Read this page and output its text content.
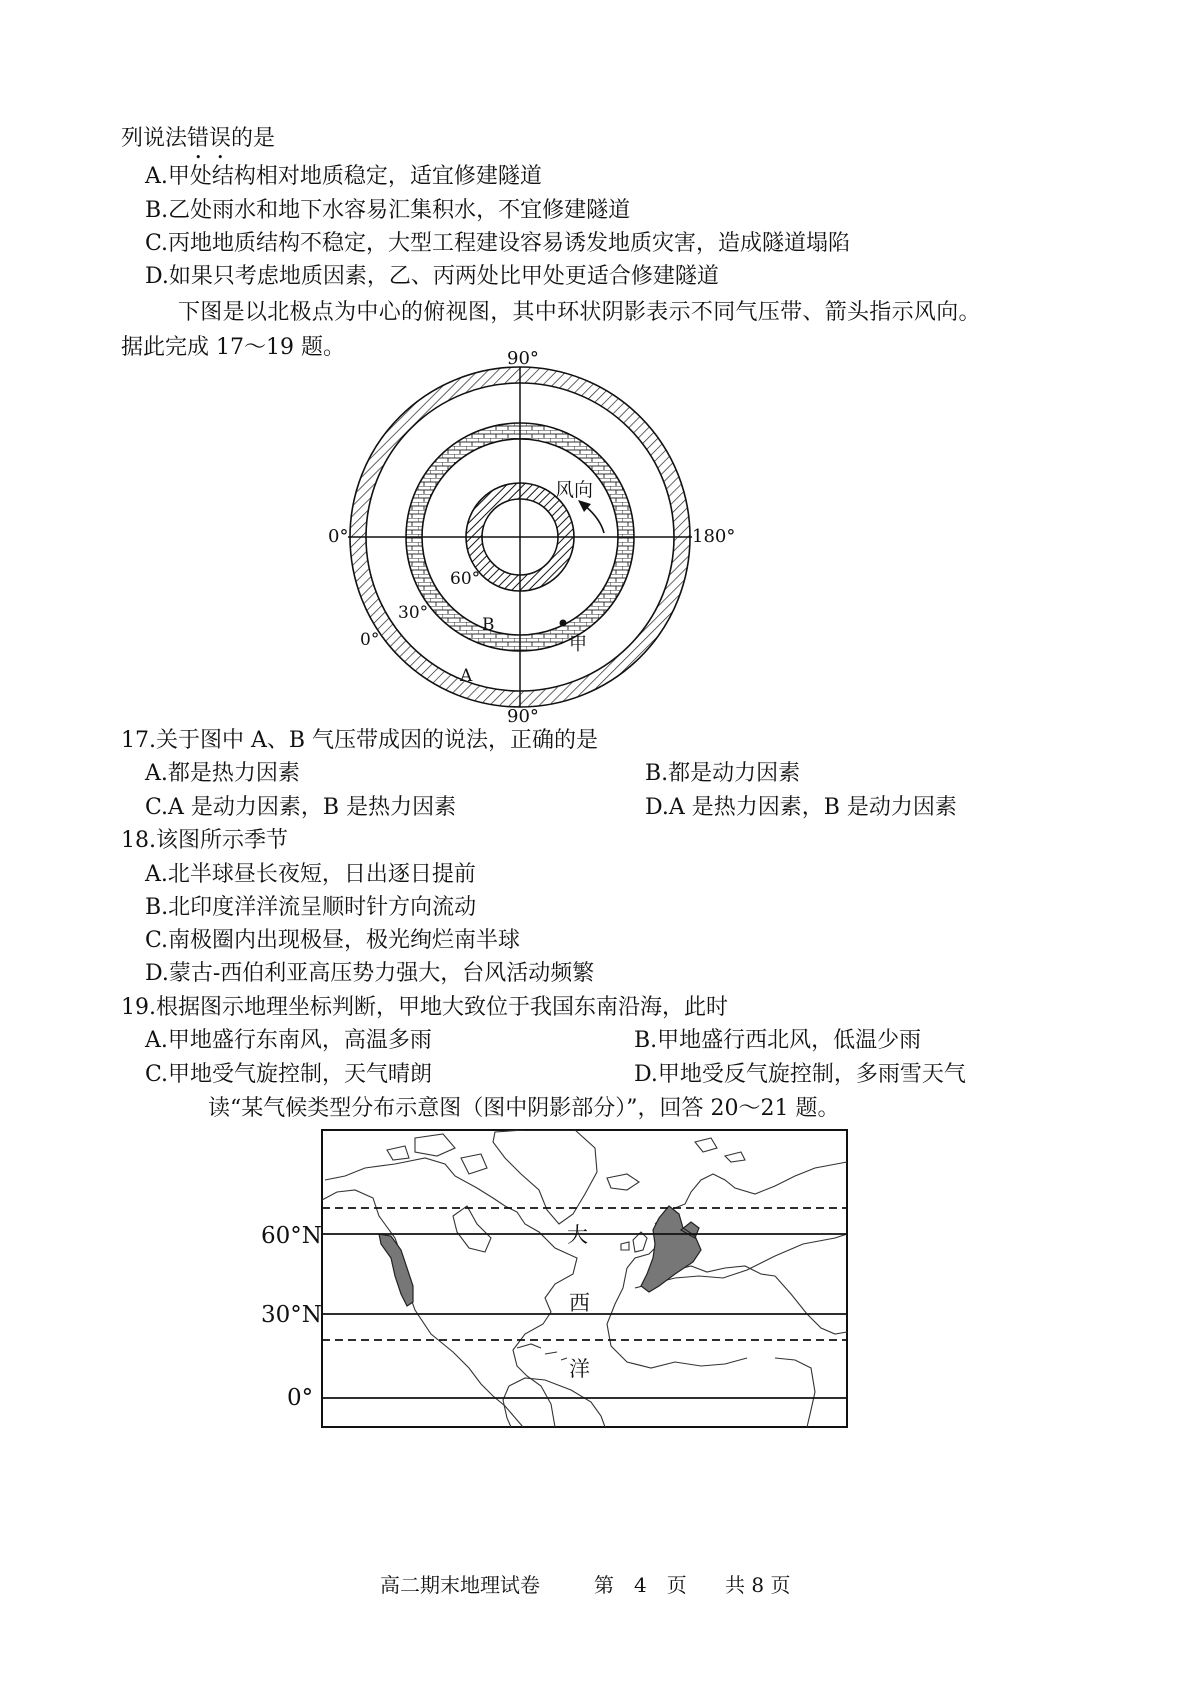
列说法错误的是
A.甲处结构相对地质稳定，适宜修建隧道
B.乙处雨水和地下水容易汇集积水，不宜修建隧道
C.丙地地质结构不稳定，大型工程建设容易诱发地质灾害，造成隧道塌陷
D.如果只考虑地质因素，乙、丙两处比甲处更适合修建隧道
下图是以北极点为中心的俯视图，其中环状阴影表示不同气压带、箭头指示风向。
据此完成 17～19 题。	90°
90°
0°	180°
60°
30°
0°
A
B
甲
风向
17.关于图中 A、B 气压带成因的说法，正确的是
A.都是热力因素	B.都是动力因素
C.A 是动力因素，B 是热力因素	D.A 是热力因素，B 是动力因素
18.该图所示季节
A.北半球昼长夜短，日出逐日提前
B.北印度洋洋流呈顺时针方向流动
C.南极圈内出现极昼，极光绚烂南半球
D.蒙古-西伯利亚高压势力强大，台风活动频繁
19.根据图示地理坐标判断，甲地大致位于我国东南沿海，此时
A.甲地盛行东南风，高温多雨	B.甲地盛行西北风，低温少雨
C.甲地受气旋控制，天气晴朗	D.甲地受反气旋控制，多雨雪天气
读“某气候类型分布示意图（图中阴影部分）”，回答 20～21 题。
60°N
30°N
0°
大
西
洋
高二期末地理试卷	第　4　页 共 8 页
